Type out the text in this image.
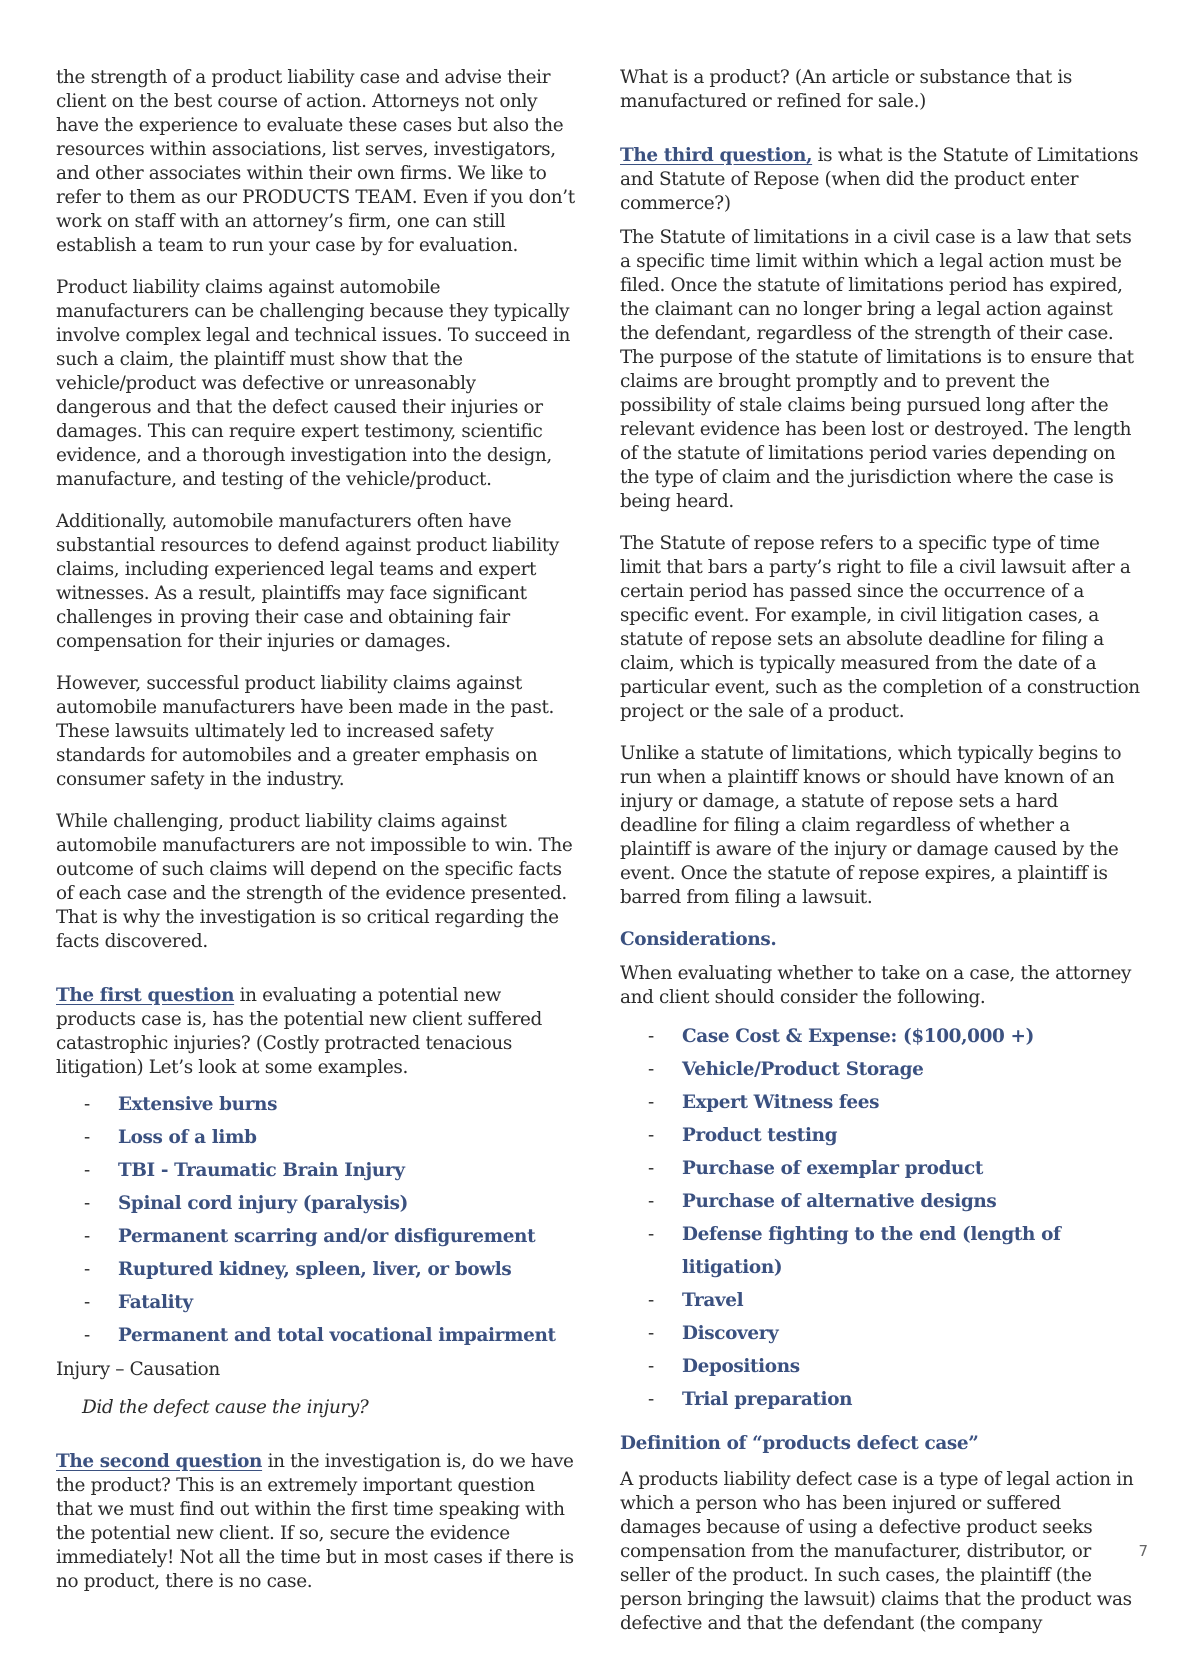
the strength of a product liability case and advise their client on the best course of action. Attorneys not only have the experience to evaluate these cases but also the resources within associations, list serves, investigators, and other associates within their own firms. We like to refer to them as our PRODUCTS TEAM. Even if you don’t work on staff with an attorney’s firm, one can still establish a team to run your case by for evaluation.

Product liability claims against automobile manufacturers can be challenging because they typically involve complex legal and technical issues. To succeed in such a claim, the plaintiff must show that the vehicle/product was defective or unreasonably dangerous and that the defect caused their injuries or damages. This can require expert testimony, scientific evidence, and a thorough investigation into the design, manufacture, and testing of the vehicle/product.

Additionally, automobile manufacturers often have substantial resources to defend against product liability claims, including experienced legal teams and expert witnesses. As a result, plaintiffs may face significant challenges in proving their case and obtaining fair compensation for their injuries or damages.

However, successful product liability claims against automobile manufacturers have been made in the past. These lawsuits ultimately led to increased safety standards for automobiles and a greater emphasis on consumer safety in the industry.

While challenging, product liability claims against automobile manufacturers are not impossible to win. The outcome of such claims will depend on the specific facts of each case and the strength of the evidence presented. That is why the investigation is so critical regarding the facts discovered.

The first question in evaluating a potential new products case is, has the potential new client suffered catastrophic injuries? (Costly protracted tenacious litigation) Let’s look at some examples.

- Extensive burns
- Loss of a limb
- TBI - Traumatic Brain Injury
- Spinal cord injury (paralysis)
- Permanent scarring and/or disfigurement
- Ruptured kidney, spleen, liver, or bowls
- Fatality
- Permanent and total vocational impairment

Injury – Causation

Did the defect cause the injury?

The second question in the investigation is, do we have the product? This is an extremely important question that we must find out within the first time speaking with the potential new client. If so, secure the evidence immediately! Not all the time but in most cases if there is no product, there is no case.

What is a product? (An article or substance that is manufactured or refined for sale.)

The third question, is what is the Statute of Limitations and Statute of Repose (when did the product enter commerce?)

The Statute of limitations in a civil case is a law that sets a specific time limit within which a legal action must be filed. Once the statute of limitations period has expired, the claimant can no longer bring a legal action against the defendant, regardless of the strength of their case. The purpose of the statute of limitations is to ensure that claims are brought promptly and to prevent the possibility of stale claims being pursued long after the relevant evidence has been lost or destroyed. The length of the statute of limitations period varies depending on the type of claim and the jurisdiction where the case is being heard.

The Statute of repose refers to a specific type of time limit that bars a party’s right to file a civil lawsuit after a certain period has passed since the occurrence of a specific event. For example, in civil litigation cases, a statute of repose sets an absolute deadline for filing a claim, which is typically measured from the date of a particular event, such as the completion of a construction project or the sale of a product.

Unlike a statute of limitations, which typically begins to run when a plaintiff knows or should have known of an injury or damage, a statute of repose sets a hard deadline for filing a claim regardless of whether a plaintiff is aware of the injury or damage caused by the event. Once the statute of repose expires, a plaintiff is barred from filing a lawsuit.

Considerations.

When evaluating whether to take on a case, the attorney and client should consider the following.

- Case Cost & Expense: ($100,000 +)
- Vehicle/Product Storage
- Expert Witness fees
- Product testing
- Purchase of exemplar product
- Purchase of alternative designs
- Defense fighting to the end (length of litigation)
- Travel
- Discovery
- Depositions
- Trial preparation

Definition of “products defect case”

A products liability defect case is a type of legal action in which a person who has been injured or suffered damages because of using a defective product seeks compensation from the manufacturer, distributor, or seller of the product. In such cases, the plaintiff (the person bringing the lawsuit) claims that the product was defective and that the defendant (the company

7
